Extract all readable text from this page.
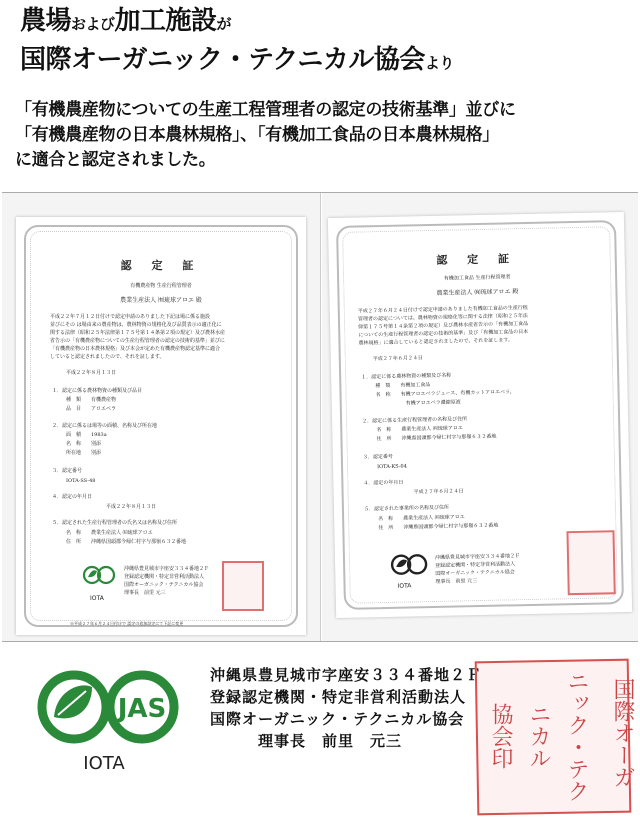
農場および加工施設が
国際オーガニック・テクニカル協会より
「有機農産物についての生産工程管理者の認定の技術基準」並びに
「有機農産物の日本農林規格」、「有機加工食品の日本農林規格」
に適合と認定されました。
認 定 証
有機農産物 生産行程管理者
農業生産法人 ㈲琉球アロエ 殿
平成２２年７月１２日付けで認定申請のありました下記は場に係る施設
並びにその は場由来の農産物は、農林物資の規格化及び品質表示の適正化に
関する法律（昭和２５年法律第１７５号第１４条第２項の規定）及び農林水産
省告示の「有機農産物についての生産行程管理者の認定の技術的基準」並びに
「有機農産物の日本農林規格」及び本会が定めた有機農産物認定基準に適合
していると認定されましたので、それを証します。
平成２２年８月１３日
１．認定に係る農林物資の種類及び品目
種　類　　有機農産物
品　目　　アロエベラ
２．認定に係るは場等の面積、名称及び所在地
面　積　　1983a
名　称　　別添
所在地　　別添
３．認定番号
IOTA-SS-48
４．認定の年月日
平成２２年８月１３日
５．認定された生産行程管理者の氏名又は名称及び住所
名　称　　農業生産法人 ㈲琉球アロエ
住　所　　沖縄県国頭郡今帰仁村字与那嶺６３２番地
IOTA
沖縄県豊見城市字座安３３４番地２Ｆ
登録認定機関・特定非営利活動法人
国際オーガニック・テクニカル協会
理事長　前里 元三
※平成２７年６月２４日付けで 認定の追加設定にて下記に変更
認 定 証
有機加工食品 生産行程管理者
農業生産法人 ㈲琉球アロエ 殿
平成２７年６月２４日付けで認定申請のありました有機加工食品の生産行程
管理者の認定については、農林物資の規格化等に関する法律（昭和２５年法
律第１７５号第１４条第２項の規定）及び農林水産省告示の「有機加工食品
についての生産行程管理者の認定の技術的基準」及び「有機加工食品の日本
農林規格」に適合していると認定されましたので、それを証します。
平成２７年６月２４日
１．認定に係る農林物資の種類及び名称
種　類　　有機加工食品
名　称　　有機アロエベラジュース、有機カットアロエベラ、
　　　　　　有機アロエベラ濃縮原液
２．認定に係る生産行程管理者の名称及び住所
名　称　　農業生産法人 ㈲琉球アロエ
住　所　　沖縄県国頭郡今帰仁村字与那嶺６３２番地
３．認定番号
IOTA-KS-04
４．認定の年月日
平成２７年６月２４日
５．認定された事業所の名称及び住所
名　称　　農業生産法人 ㈲琉球アロエ
住　所　　沖縄県国頭郡今帰仁村字与那嶺６３２番地
IOTA
沖縄県豊見城市字座安３３４番地２Ｆ
登録認定機関・特定非営利活動法人
国際オーガニック・テクニカル協会
理事長　前里 元三
JAS
IOTA
沖縄県豊見城市字座安３３４番地２Ｆ
登録認定機関・特定非営利活動法人
国際オーガニック・テクニカル協会
理事長　前里　元三	国際オーガ
ニック・テク
ニカル
協会印
